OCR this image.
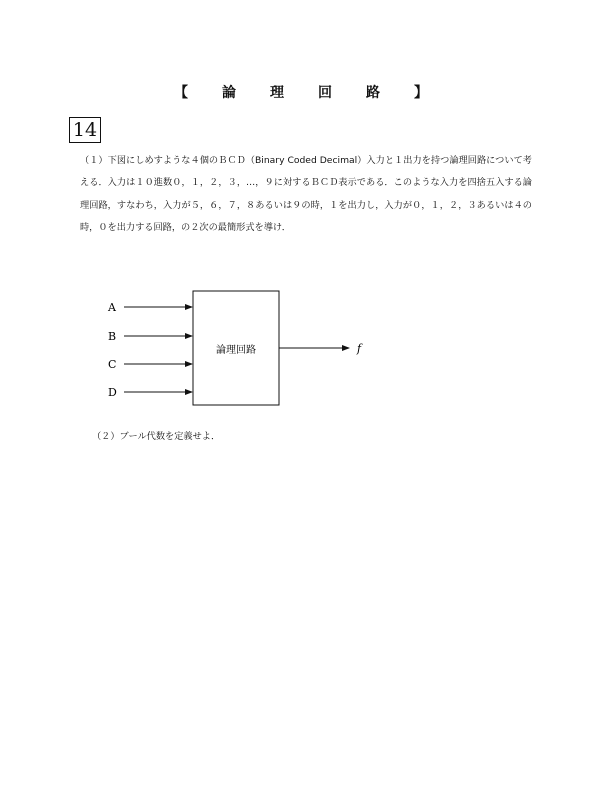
【　論　理　回　路　】
14

（１）下図にしめすような４個のＢＣＤ（Binary Coded Decimal）入力と１出力を持つ論理回路について考える．入力は１０進数０，１，２，３，…，９に対するＢＣＤ表示である．このような入力を四捨五入する論理回路，すなわち，入力が５，６，７，８あるいは９の時，１を出力し，入力が０，１，２，３あるいは４の時，０を出力する回路，の２次の最簡形式を導け．

A
B
C
D
論理回路	f

（２）ブール代数を定義せよ．
